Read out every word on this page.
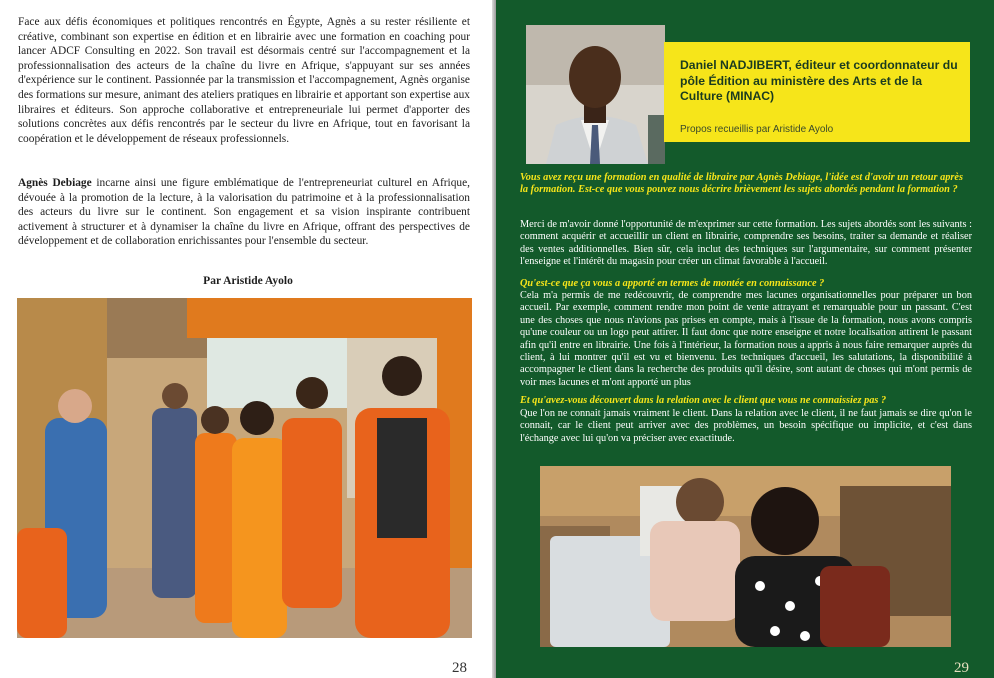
Face aux défis économiques et politiques rencontrés en Égypte, Agnès a su rester résiliente et créative, combinant son expertise en édition et en librairie avec une formation en coaching pour lancer ADCF Consulting en 2022. Son travail est désormais centré sur l'accompagnement et la professionnalisation des acteurs de la chaîne du livre en Afrique, s'appuyant sur ses années d'expérience sur le continent. Passionnée par la transmission et l'accompagnement, Agnès organise des formations sur mesure, animant des ateliers pratiques en librairie et apportant son expertise aux libraires et éditeurs. Son approche collaborative et entrepreneuriale lui permet d'apporter des solutions concrètes aux défis rencontrés par le secteur du livre en Afrique, tout en favorisant la coopération et le développement de réseaux professionnels.

Agnès Debiage incarne ainsi une figure emblématique de l'entrepreneuriat culturel en Afrique, dévouée à la promotion de la lecture, à la valorisation du patrimoine et à la professionnalisation des acteurs du livre sur le continent. Son engagement et sa vision inspirante contribuent activement à structurer et à dynamiser la chaîne du livre en Afrique, offrant des perspectives de développement et de collaboration enrichissantes pour l'ensemble du secteur.

Par Aristide Ayolo
28
Daniel NADJIBERT, éditeur et coordonnateur du pôle Édition au ministère des Arts et de la Culture (MINAC)
Propos recueillis par Aristide Ayolo

Vous avez reçu une formation en qualité de libraire par Agnès Debiage, l'idée est d'avoir un retour après la formation. Est-ce que vous pouvez nous décrire brièvement les sujets abordés pendant la formation ?

Merci de m'avoir donné l'opportunité de m'exprimer sur cette formation. Les sujets abordés sont les suivants : comment acquérir et accueillir un client en librairie, comprendre ses besoins, traiter sa demande et réaliser des ventes additionnelles. Bien sûr, cela inclut des techniques sur l'argumentaire, sur comment présenter l'enseigne et l'intérêt du magasin pour créer un climat favorable à l'accueil.

Qu'est-ce que ça vous a apporté en termes de montée en connaissance ?

Cela m'a permis de me redécouvrir, de comprendre mes lacunes organisationnelles pour préparer un bon accueil. Par exemple, comment rendre mon point de vente attrayant et remarquable pour un passant. C'est une des choses que nous n'avions pas prises en compte, mais à l'issue de la formation, nous avons compris qu'une couleur ou un logo peut attirer. Il faut donc que notre enseigne et notre localisation attirent le passant afin qu'il entre en librairie. Une fois à l'intérieur, la formation nous a appris à nous faire remarquer auprès du client, à lui montrer qu'il est vu et bienvenu. Les techniques d'accueil, les salutations, la disponibilité à accompagner le client dans la recherche des produits qu'il désire, sont autant de choses qui m'ont permis de voir mes lacunes et m'ont apporté un plus

Et qu'avez-vous découvert dans la relation avec le client que vous ne connaissiez pas ?

Que l'on ne connait jamais vraiment le client. Dans la relation avec le client, il ne faut jamais se dire qu'on le connait, car le client peut arriver avec des problèmes, un besoin spécifique ou implicite, et c'est dans l'échange avec lui qu'on va préciser avec exactitude.

29
